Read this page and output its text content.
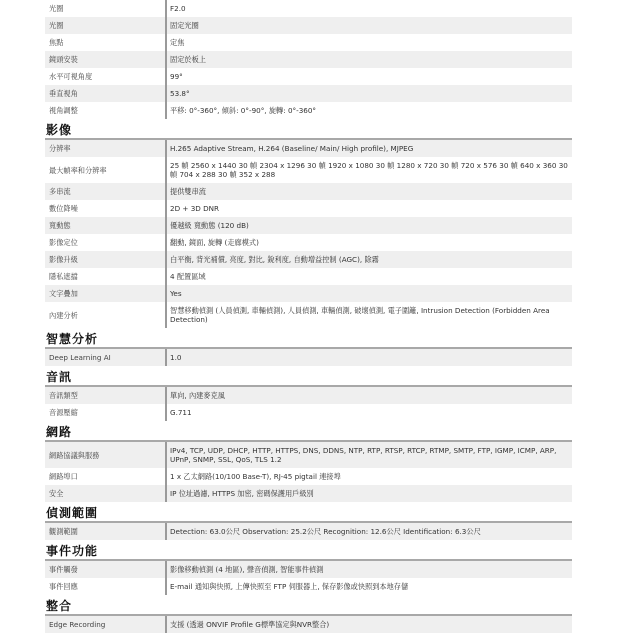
光圈	F2.0
光圈	固定光圈
焦點	定焦
鏡頭安裝	固定於板上
水平可視角度	99°
垂直視角	53.8°
視角調整	平移: 0°-360°, 傾斜: 0°-90°, 旋轉: 0°-360°
影像
分辨率	H.265 Adaptive Stream, H.264 (Baseline/ Main/ High profile), MJPEG
最大幀率和分辨率	25 幀 2560 x 1440 30 幀 2304 x 1296 30 幀 1920 x 1080 30 幀 1280 x 720 30 幀 720 x 576 30 幀 640 x 360 30 幀 704 x 288 30 幀 352 x 288
多串流	提供雙串流
數位降噪	2D + 3D DNR
寬動態	優越級 寬動態 (120 dB)
影像定位	翻動, 鏡面, 旋轉 (走廊模式)
影像升級	白平衡, 背光補償, 亮度, 對比, 銳利度, 自動增益控制 (AGC), 除霧
隱私遮擋	4 配置區域
文字疊加	Yes
內建分析	智慧移動偵測 (人員偵測, 車輛偵測), 人員偵測, 車輛偵測, 破壞偵測, 電子圍籬, Intrusion Detection (Forbidden Area Detection)
智慧分析
Deep Learning AI	1.0
音訊
音訊類型	單向, 內建麥克風
音源壓縮	G.711
網路
網路協議與服務	IPv4, TCP, UDP, DHCP, HTTP, HTTPS, DNS, DDNS, NTP, RTP, RTSP, RTCP, RTMP, SMTP, FTP, IGMP, ICMP, ARP, UPnP, SNMP, SSL, QoS, TLS 1.2
網路埠口	1 x 乙太網路(10/100 Base-T), RJ-45 pigtail 連接埠
安全	IP 位址過濾, HTTPS 加密, 密碼保護用戶級別
偵測範圍
觀測範圍	Detection: 63.0公尺 Observation: 25.2公尺 Recognition: 12.6公尺 Identification: 6.3公尺
事件功能
事件觸發	影像移動偵測 (4 地區), 聲音偵測, 智能事件偵測
事件回應	E-mail 通知與快照, 上傳快照至 FTP 伺服器上, 保存影像或快照到本地存儲
整合
Edge Recording	支援 (透過 ONVIF Profile G標準協定與NVR整合)
